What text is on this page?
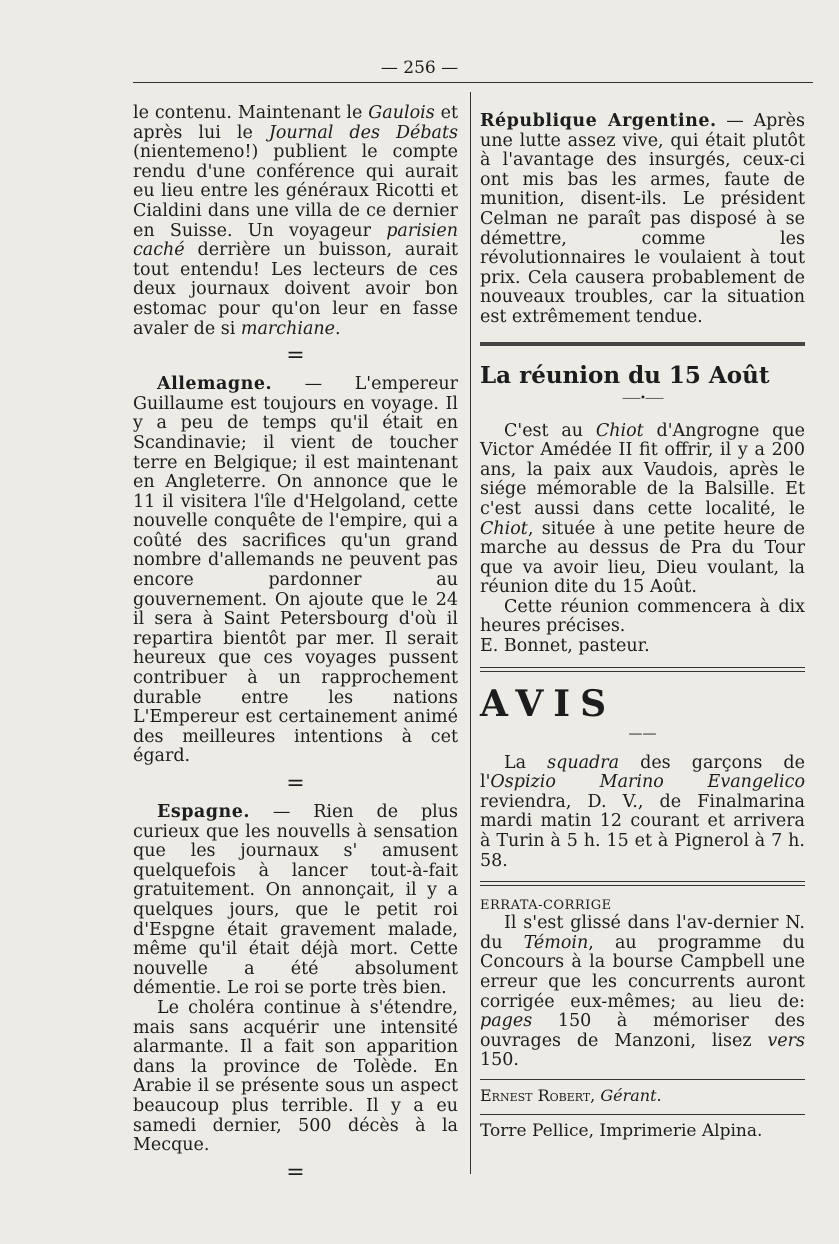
— 256 —

le contenu. Maintenant le Gaulois et après lui le Journal des Débats (nientemeno!) publient le compte rendu d'une conférence qui aurait eu lieu entre les généraux Ricotti et Cialdini dans une villa de ce dernier en Suisse. Un voyageur parisien caché derrière un buisson, aurait tout entendu! Les lecteurs de ces deux journaux doivent avoir bon estomac pour qu'on leur en fasse avaler de si marchiane.

=

Allemagne. — L'empereur Guillaume est toujours en voyage. Il y a peu de temps qu'il était en Scandinavie; il vient de toucher terre en Belgique; il est maintenant en Angleterre. On annonce que le 11 il visitera l'île d'Helgoland, cette nouvelle conquête de l'empire, qui a coûté des sacrifices qu'un grand nombre d'allemands ne peuvent pas encore pardonner au gouvernement. On ajoute que le 24 il sera à Saint Petersbourg d'où il repartira bientôt par mer. Il serait heureux que ces voyages pussent contribuer à un rapprochement durable entre les nations L'Empereur est certainement animé des meilleures intentions à cet égard.

=

Espagne. — Rien de plus curieux que les nouvells à sensation que les journaux s' amusent quelquefois à lancer tout-à-fait gratuitement. On annonçait, il y a quelques jours, que le petit roi d'Espgne était gravement malade, même qu'il était déjà mort. Cette nouvelle a été absolument démentie. Le roi se porte très bien.

Le choléra continue à s'étendre, mais sans acquérir une intensité alarmante. Il a fait son apparition dans la province de Tolède. En Arabie il se présente sous un aspect beaucoup plus terrible. Il y a eu samedi dernier, 500 décès à la Mecque.

=

République Argentine. — Après une lutte assez vive, qui était plutôt à l'avantage des insurgés, ceux-ci ont mis bas les armes, faute de munition, disent-ils. Le président Celman ne paraît pas disposé à se démettre, comme les révolutionnaires le voulaient à tout prix. Cela causera probablement de nouveaux troubles, car la situation est extrêmement tendue.

La réunion du 15 Août

——•——

C'est au Chiot d'Angrogne que Victor Amédée II fit offrir, il y a 200 ans, la paix aux Vaudois, après le siége mémorable de la Balsille. Et c'est aussi dans cette localité, le Chiot, située à une petite heure de marche au dessus de Pra du Tour que va avoir lieu, Dieu voulant, la réunion dite du 15 Août.

Cette réunion commencera à dix heures précises.

E. Bonnet, pasteur.

AVIS

——

La squadra des garçons de l'Ospizio Marino Evangelico reviendra, D. V., de Finalmarina mardi matin 12 courant et arrivera à Turin à 5 h. 15 et à Pignerol à 7 h. 58.

ERRATA-CORRIGE

Il s'est glissé dans l'av-dernier N. du Témoin, au programme du Concours à la bourse Campbell une erreur que les concurrents auront corrigée eux-mêmes; au lieu de: pages 150 à mémoriser des ouvrages de Manzoni, lisez vers 150.

Ernest Robert, Gérant.

Torre Pellice, Imprimerie Alpina.
